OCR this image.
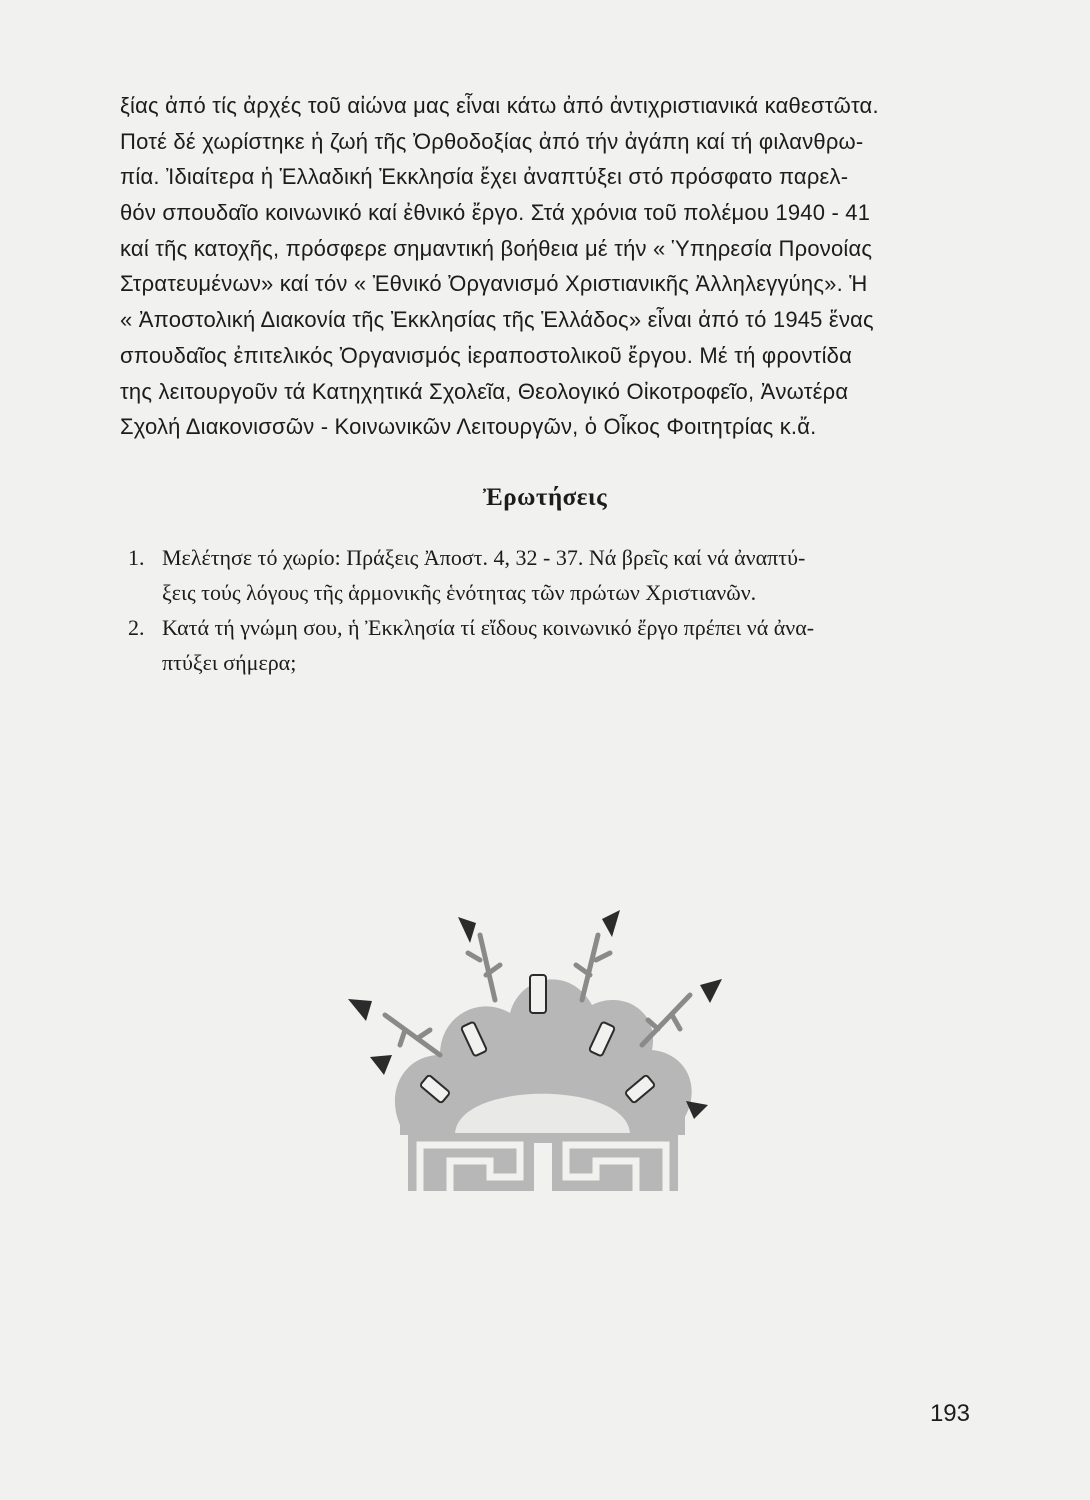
ξίας ἀπό τίς ἀρχές τοῦ αἰώνα μας εἶναι κάτω ἀπό ἀντιχριστιανικά καθεστῶτα.
Ποτέ δέ χωρίστηκε ἡ ζωή τῆς Ὀρθοδοξίας ἀπό τήν ἀγάπη καί τή φιλανθρω-
πία. Ἰδιαίτερα ἡ Ἑλλαδική Ἐκκλησία ἔχει ἀναπτύξει στό πρόσφατο παρελ-
θόν σπουδαῖο κοινωνικό καί ἐθνικό ἔργο. Στά χρόνια τοῦ πολέμου 1940 - 41
καί τῆς κατοχῆς, πρόσφερε σημαντική βοήθεια μέ τήν « Ὑπηρεσία Προνοίας
Στρατευμένων» καί τόν « Ἐθνικό Ὀργανισμό Χριστιανικῆς Ἀλληλεγγύης». Ἡ
« Ἀποστολική Διακονία τῆς Ἐκκλησίας τῆς Ἑλλάδος» εἶναι ἀπό τό 1945 ἕνας
σπουδαῖος ἐπιτελικός Ὀργανισμός ἱεραποστολικοῦ ἔργου. Μέ τή φροντίδα
της λειτουργοῦν τά Κατηχητικά Σχολεῖα, Θεολογικό Οἰκοτροφεῖο, Ἀνωτέρα
Σχολή Διακονισσῶν - Κοινωνικῶν Λειτουργῶν, ὁ Οἶκος Φοιτητρίας κ.ἄ.
Ἐρωτήσεις
1. Μελέτησε τό χωρίο: Πράξεις Ἀποστ. 4, 32 - 37. Νά βρεῖς καί νά ἀναπτύ-
ξεις τούς λόγους τῆς ἁρμονικῆς ἑνότητας τῶν πρώτων Χριστιανῶν.
2. Κατά τή γνώμη σου, ἡ Ἐκκλησία τί εἴδους κοινωνικό ἔργο πρέπει νά ἀνα-
πτύξει σήμερα;
193
